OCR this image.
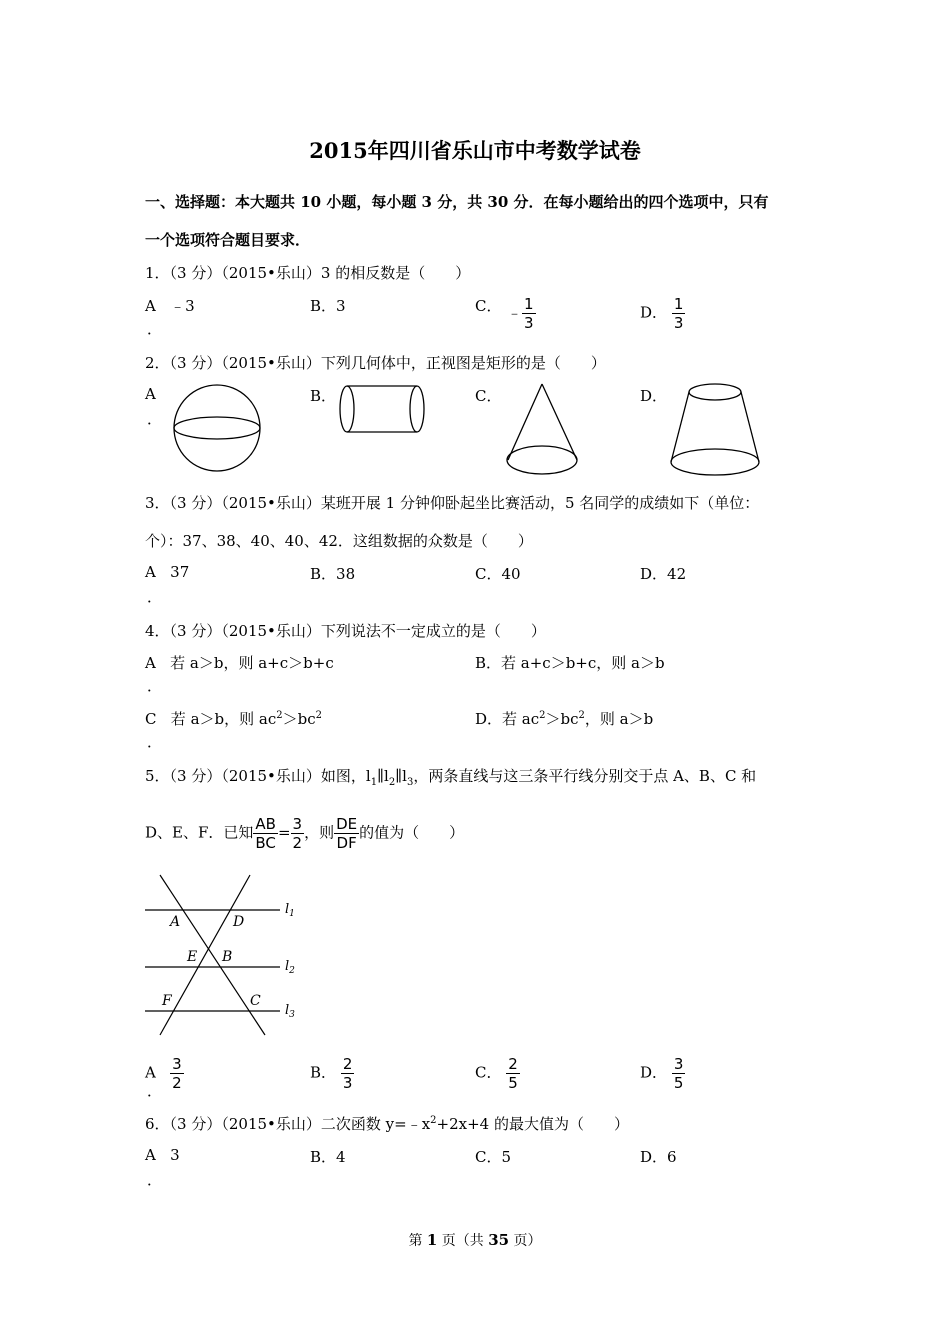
2015年四川省乐山市中考数学试卷
一、选择题：本大题共 10 小题，每小题 3 分，共 30 分．在每小题给出的四个选项中，只有
一个选项符合题目要求．
1．（3 分）（2015•乐山）3 的相反数是（　　）
A ﹣3
．
B．3	C． ﹣ $\frac{1}{3}$	D． $\frac{1}{3}$
2．（3 分）（2015•乐山）下列几何体中，正视图是矩形的是（　　）
A
．
B．	C．	D．
3．（3 分）（2015•乐山）某班开展 1 分钟仰卧起坐比赛活动，5 名同学的成绩如下（单位：
个）：37、38、40、40、42．这组数据的众数是（　　）
A 37
．
B．38	C．40	D．42
4．（3 分）（2015•乐山）下列说法不一定成立的是（　　）
A 若 a＞b，则 a+c＞b+c
．
B．若 a+c＞b+c，则 a＞b
C 若 a＞b，则 $ac^2>bc^2$
．
D．若 $ac^2>bc^2$，则 a＞b
5．（3 分）（2015•乐山）如图，$l_1\parallel l_2\parallel l_3$，两条直线与这三条平行线分别交于点 A、B、C 和
D、E、F．已知 $\frac{AB}{BC} = \frac{3}{2}$ ，则 $\frac{DE}{DF}$ 的值为（　　）
A	D
E B
F	C
$l_1$
$l_2$
$l_3$
A $\frac{3}{2}$
．
B． $\frac{2}{3}$	C． $\frac{2}{5}$	D． $\frac{3}{5}$
6．（3 分）（2015•乐山）二次函数 $y=﹣x^2+2x+4$ 的最大值为（　　）
A 3
．
B．4	C．5	D．6
第 1 页（共 35 页）
